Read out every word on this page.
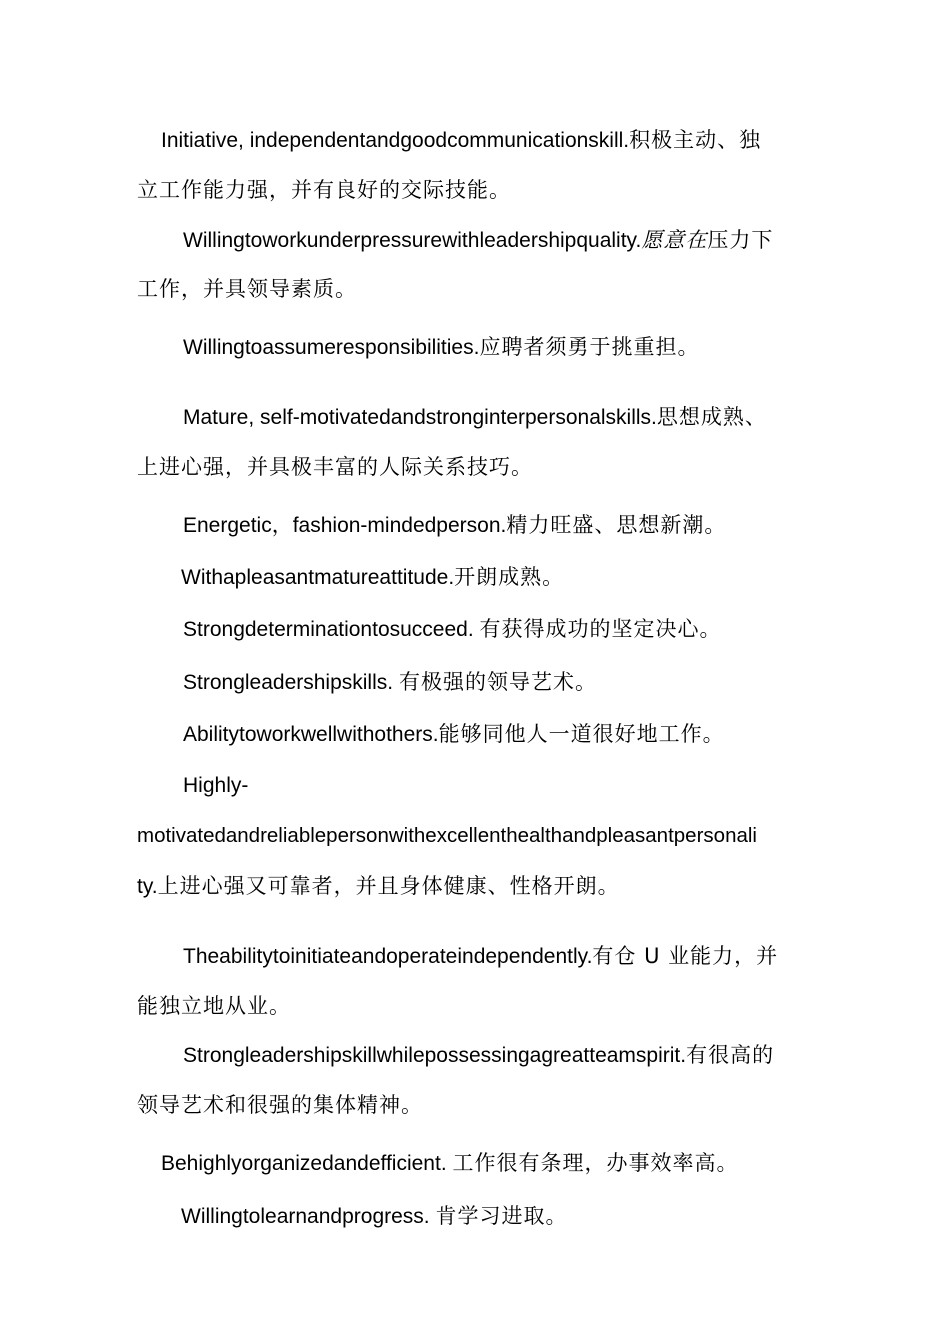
Initiative, independentandgoodcommunicationskill.积极主动、独
立工作能力强，并有良好的交际技能。
Willingtoworkunderpressurewithleadershipquality.愿意在压力下
工作，并具领导素质。
Willingtoassumeresponsibilities.应聘者须勇于挑重担。
Mature, self-motivatedandstronginterpersonalskills.思想成熟、
上进心强，并具极丰富的人际关系技巧。
Energetic，fashion-mindedperson.精力旺盛、思想新潮。
Withapleasantmatureattitude.开朗成熟。
Strongdeterminationtosucceed. 有获得成功的坚定决心。
Strongleadershipskills. 有极强的领导艺术。
Abilitytoworkwellwithothers.能够同他人一道很好地工作。
Highly-
motivatedandreliablepersonwithexcellenthealthandpleasantpersonali
ty.上进心强又可靠者，并且身体健康、性格开朗。
Theabilitytoinitiateandoperateindependently.有仓 U 业能力，并
能独立地从业。
Strongleadershipskillwhilepossessingagreatteamspirit.有很高的
领导艺术和很强的集体精神。
Behighlyorganizedandefficient. 工作很有条理，办事效率高。
Willingtolearnandprogress. 肯学习进取。
